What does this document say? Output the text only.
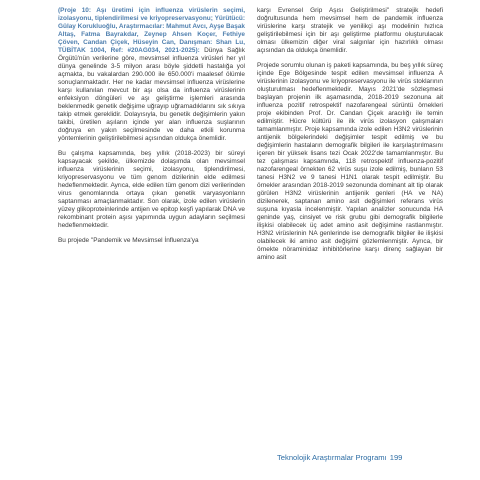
(Proje 10: Aşı üretimi için influenza virüslerin seçimi, izolasyonu, tiplendirilmesi ve kriyopreservasyonu; Yürütücü: Gülay Korukluoğlu, Araştırmacılar: Mahmut Avcı, Ayşe Başak Altaş, Fatma Bayrakdar, Zeynep Ahsen Koçer, Fethiye Çöven, Candan Çiçek, Hüseyin Can, Danışman: Shan Lu, TÜBİTAK 1004, Ref: #20AG034, 2021-2025): Dünya Sağlık Örgütü'nün verilerine göre, mevsimsel influenza virüsleri her yıl dünya genelinde 3-5 milyon arası böyle şiddetli hastalığa yol açmakta, bu vakalardan 290.000 ile 650.000'i maalesef ölümle sonuçlanmaktadır. Her ne kadar mevsimsel influenza virüslerine karşı kullanılan mevcut bir aşı olsa da influenza virüslerinin enfeksiyon döngüleri ve aşı geliştirme işlemleri arasında beklenmedik genetik değişime uğrayıp uğramadıklarını sık sıkıya takip etmek gereklidir. Dolayısıyla, bu genetik değişimlerin yakın takibi, üretilen aşıların içinde yer alan influenza suşlarının doğruya en yakın seçilmesinde ve daha etkili korunma yöntemlerinin geliştirilebilmesi açısından oldukça önemlidir.

Bu çalışma kapsamında, beş yıllık (2018-2023) bir süreyi kapsayacak şekilde, ülkemizde dolaşımda olan mevsimsel influenza virüslerinin seçimi, izolasyonu, tiplendirilmesi, kriyopreservasyonu ve tüm genom dizilerinin elde edilmesi hedeflenmektedir. Ayrıca, elde edilen tüm genom dizi verilerinden virus genomlarında ortaya çıkan genetik varyasyonların saptanması amaçlanmaktadır. Son olarak, izole edilen virüslerin yüzey glikoproteinlerinde antijen ve epitop keşfi yapılarak DNA ve rekombinant protein aşısı yapımında uygun adayların seçilmesi hedeflenmektedir.

Bu projede "Pandemik ve Mevsimsel İnfluenza'ya

karşı Evrensel Grip Aşısı Geliştirilmesi" stratejik hedefi doğrultusunda hem mevsimsel hem de pandemik influenza virüslerine karşı stratejik ve yenilikçi aşı modelinin hızlıca geliştirilebilmesi için bir aşı geliştirme platformu oluşturulacak olması ülkemizin diğer viral salgınlar için hazırlıklı olması açısından da oldukça önemlidir.

Projede sorumlu olunan iş paketi kapsamında, bu beş yıllık süreç içinde Ege Bölgesinde tespit edilen mevsimsel influenza A virüslerinin izolasyonu ve kriyopreservasyonu ile virüs stoklarının oluşturulması hedeflenmektedir. Mayıs 2021'de sözleşmesi başlayan projenin ilk aşamasında, 2018-2019 sezonuna ait influenza pozitif retrospektif nazofarengeal sürüntü örnekleri proje ekibinden Prof. Dr. Candan Çiçek aracılığı ile temin edilmiştir. Hücre kültürü ile ilk virüs izolasyon çalışmaları tamamlanmıştır. Proje kapsamında izole edilen H3N2 virüslerinin antijenik bölgelerindeki değişimler tespit edilmiş ve bu değişimlerin hastaların demografik bilgileri ile karşılaştırılmasını içeren bir yüksek lisans tezi Ocak 2022'de tamamlanmıştır. Bu tez çalışması kapsamında, 118 retrospektif influenza-pozitif nazofarengeal örnekten 62 virüs suşu izole edilmiş, bunların 53 tanesi H3N2 ve 9 tanesi H1N1 olarak tespit edilmiştir. Bu örnekler arasından 2018-2019 sezonunda dominant alt tip olarak görülen H3N2 virüslerinin antijenik genleri (HA ve NA) dizilenerek, saptanan amino asit değişimleri referans virüs suşuna kıyasla incelenmiştir. Yapılan analizler sonucunda HA geninde yaş, cinsiyet ve risk grubu gibi demografik bilgilerle ilişkisi olabilecek üç adet amino asit değişimine rastlanmıştır. H3N2 virüslerinin NA genlerinde ise demografik bilgiler ile ilişkisi olabilecek iki amino asit değişimi gözlemlenmiştir. Ayrıca, bir örnekte nöraminidaz inhibitörlerine karşı direnç sağlayan bir amino asit

Teknolojik Araştırmalar Programı 199
